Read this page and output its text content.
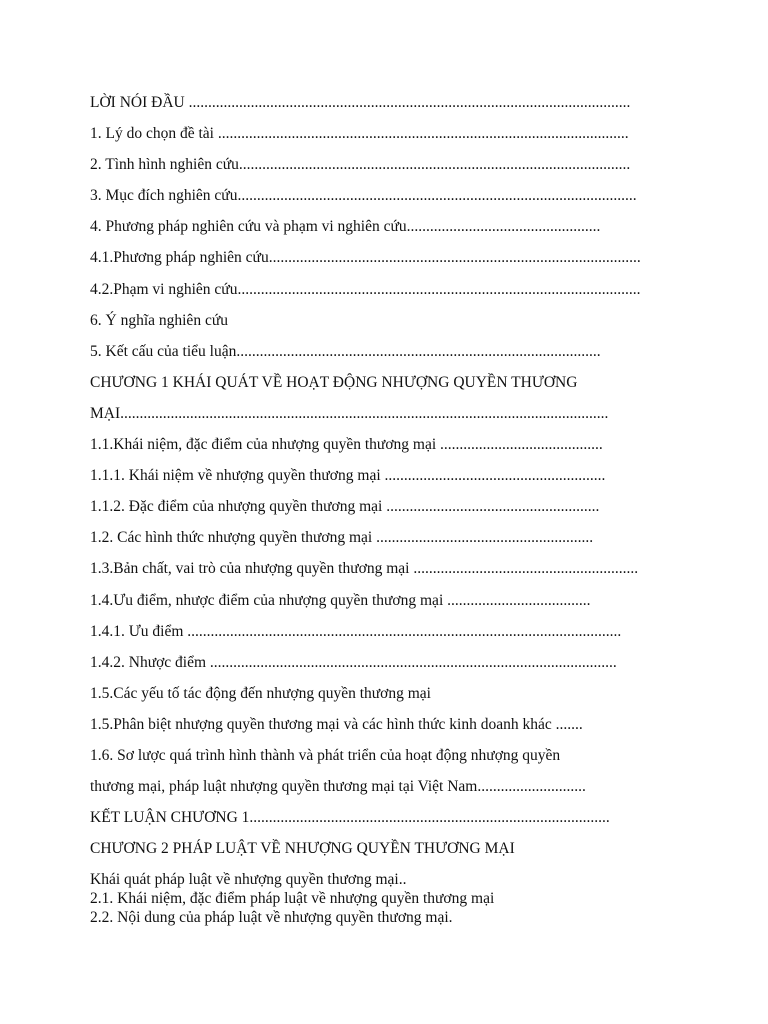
LỜI NÓI ĐẦU ..................................................................................................................
1. Lý do chọn đề tài ..........................................................................................................
2. Tình hình nghiên cứu.....................................................................................................
3. Mục đích nghiên cứu.......................................................................................................
4. Phương pháp nghiên cứu và phạm vi nghiên cứu..................................................
4.1.Phương pháp nghiên cứu................................................................................................
4.2.Phạm vi nghiên cứu........................................................................................................
6. Ý nghĩa nghiên cứu
5. Kết cấu của tiểu luận..............................................................................................
CHƯƠNG 1 KHÁI QUÁT VỀ HOẠT ĐỘNG NHƯỢNG QUYỀN THƯƠNG
MẠI..............................................................................................................................
1.1.Khái niệm, đặc điểm của nhượng quyền thương mại ..........................................
1.1.1. Khái niệm về nhượng quyền thương mại .........................................................
1.1.2. Đặc điểm của nhượng quyền thương mại .......................................................
1.2. Các hình thức nhượng quyền thương mại ........................................................
1.3.Bản chất, vai trò của nhượng quyền thương mại ..........................................................
1.4.Ưu điểm, nhược điểm của nhượng quyền thương mại .....................................
1.4.1. Ưu điểm ................................................................................................................
1.4.2. Nhược điểm .........................................................................................................
1.5.Các yếu tố tác động đến nhượng quyền thương mại
1.5.Phân biệt nhượng quyền thương mại và các hình thức kinh doanh khác .......
1.6. Sơ lược quá trình hình thành và phát triển của hoạt động nhượng quyền
thương mại, pháp luật nhượng quyền thương mại tại Việt Nam............................
KẾT LUẬN CHƯƠNG 1.............................................................................................
CHƯƠNG 2 PHÁP LUẬT VỀ NHƯỢNG QUYỀN THƯƠNG MẠI
Khái quát pháp luật về nhượng quyền thương mại..
2.1. Khái niệm, đặc điểm pháp luật về nhượng quyền thương mại
2.2. Nội dung của pháp luật về nhượng quyền thương mại.
